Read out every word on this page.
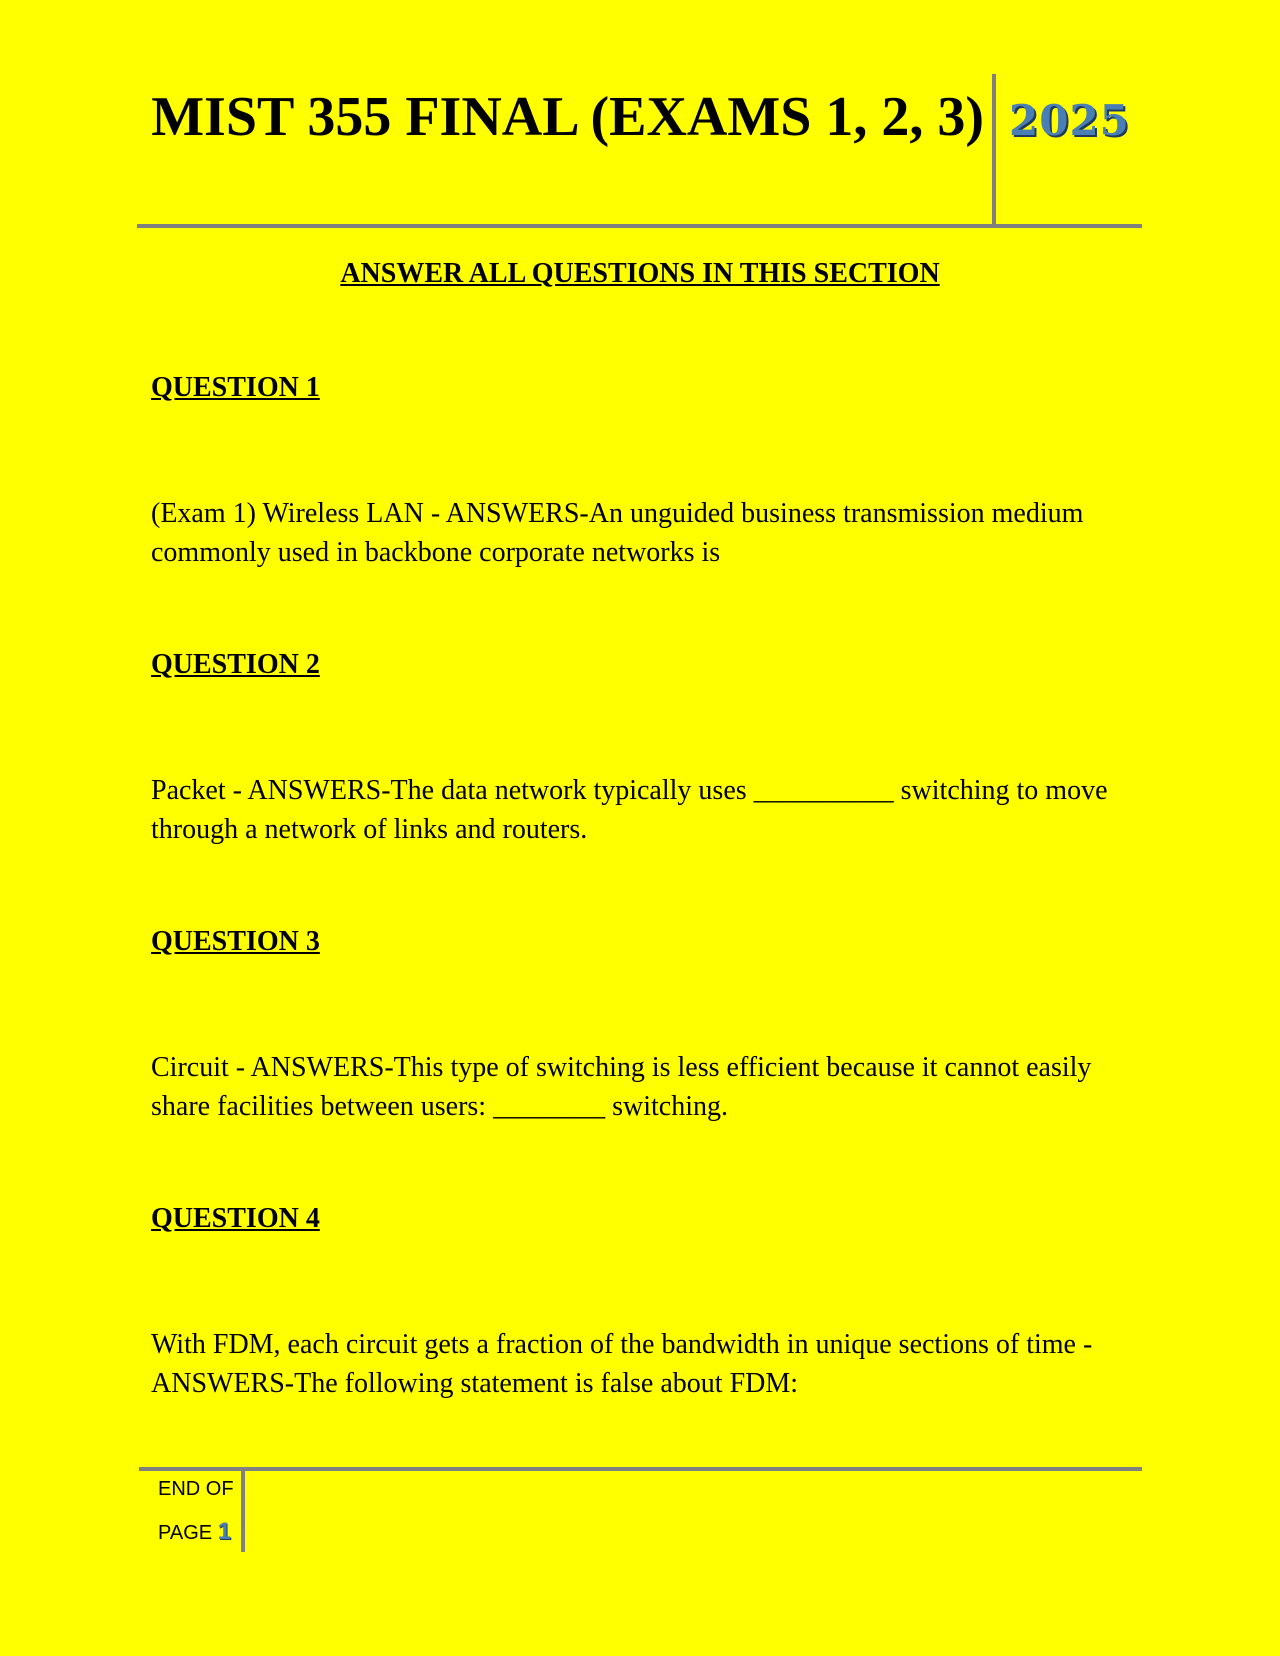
MIST 355 FINAL (EXAMS 1, 2, 3) 2025
ANSWER ALL QUESTIONS IN THIS SECTION
QUESTION 1

(Exam 1) Wireless LAN - ANSWERS-An unguided business transmission medium commonly used in backbone corporate networks is

QUESTION 2

Packet - ANSWERS-The data network typically uses __________ switching to move through a network of links and routers.

QUESTION 3

Circuit - ANSWERS-This type of switching is less efficient because it cannot easily share facilities between users: ________ switching.

QUESTION 4

With FDM, each circuit gets a fraction of the bandwidth in unique sections of time - ANSWERS-The following statement is false about FDM:

END OF

PAGE 1
